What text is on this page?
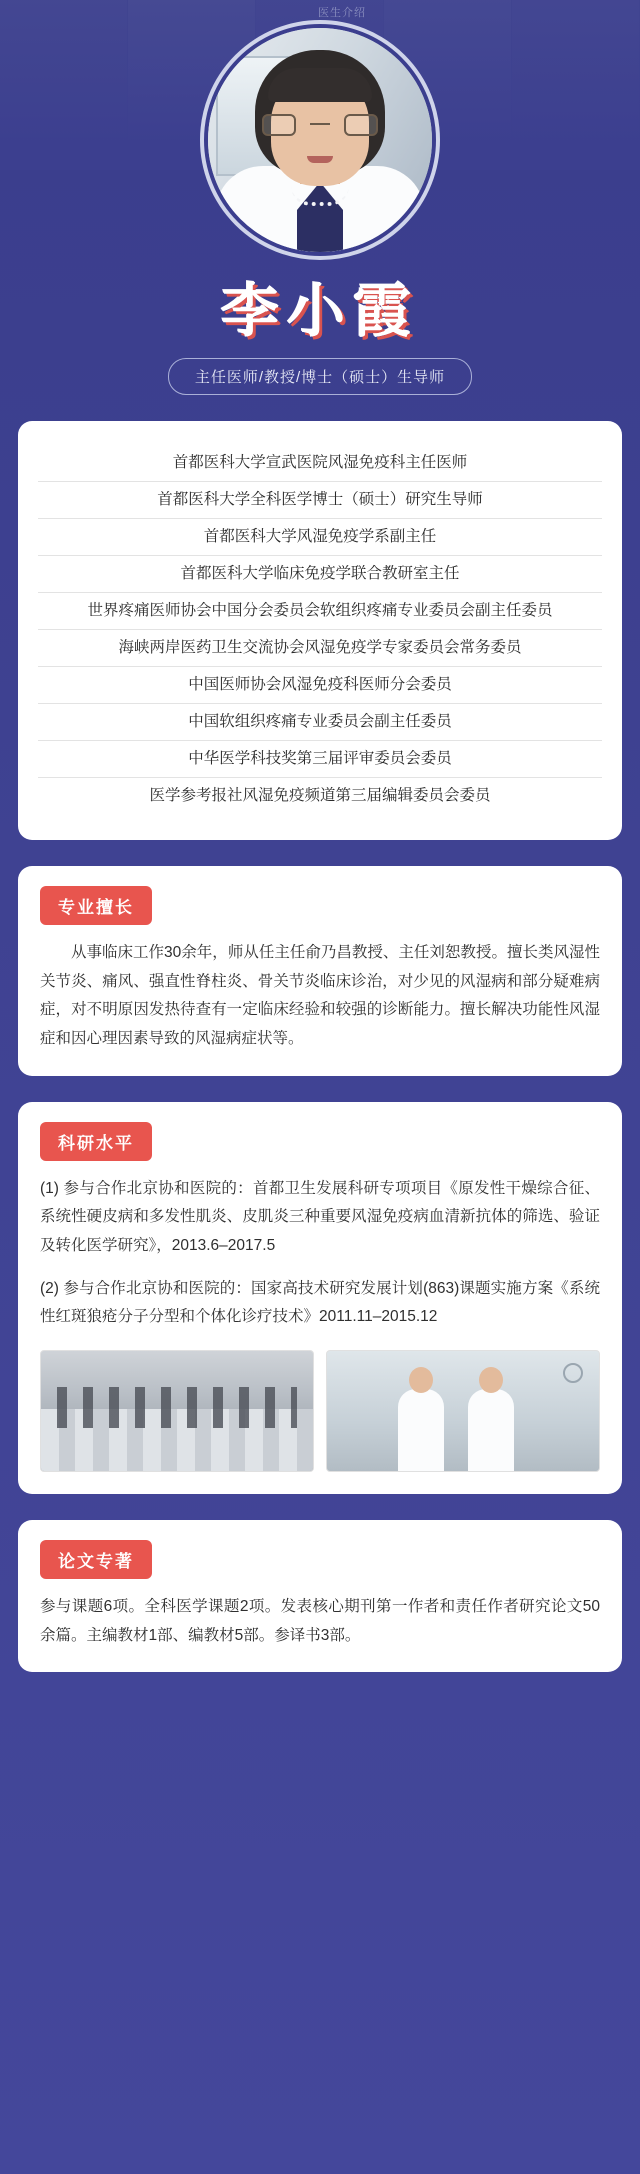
医生介绍
李小霞
主任医师/教授/博士（硕士）生导师
首都医科大学宣武医院风湿免疫科主任医师
首都医科大学全科医学博士（硕士）研究生导师
首都医科大学风湿免疫学系副主任
首都医科大学临床免疫学联合教研室主任
世界疼痛医师协会中国分会委员会软组织疼痛专业委员会副主任委员
海峡两岸医药卫生交流协会风湿免疫学专家委员会常务委员
中国医师协会风湿免疫科医师分会委员
中国软组织疼痛专业委员会副主任委员
中华医学科技奖第三届评审委员会委员
医学参考报社风湿免疫频道第三届编辑委员会委员
专业擅长

从事临床工作30余年，师从任主任俞乃昌教授、主任刘恕教授。擅长类风湿性关节炎、痛风、强直性脊柱炎、骨关节炎临床诊治，对少见的风湿病和部分疑难病症，对不明原因发热待查有一定临床经验和较强的诊断能力。擅长解决功能性风湿症和因心理因素导致的风湿病症状等。

科研水平

(1) 参与合作北京协和医院的：首都卫生发展科研专项项目《原发性干燥综合征、系统性硬皮病和多发性肌炎、皮肌炎三种重要风湿免疫病血清新抗体的筛选、验证及转化医学研究》，2013.6–2017.5

(2) 参与合作北京协和医院的：国家高技术研究发展计划(863)课题实施方案《系统性红斑狼疮分子分型和个体化诊疗技术》2011.11–2015.12

论文专著

参与课题6项。全科医学课题2项。发表核心期刊第一作者和责任作者研究论文50余篇。主编教材1部、编教材5部。参译书3部。
